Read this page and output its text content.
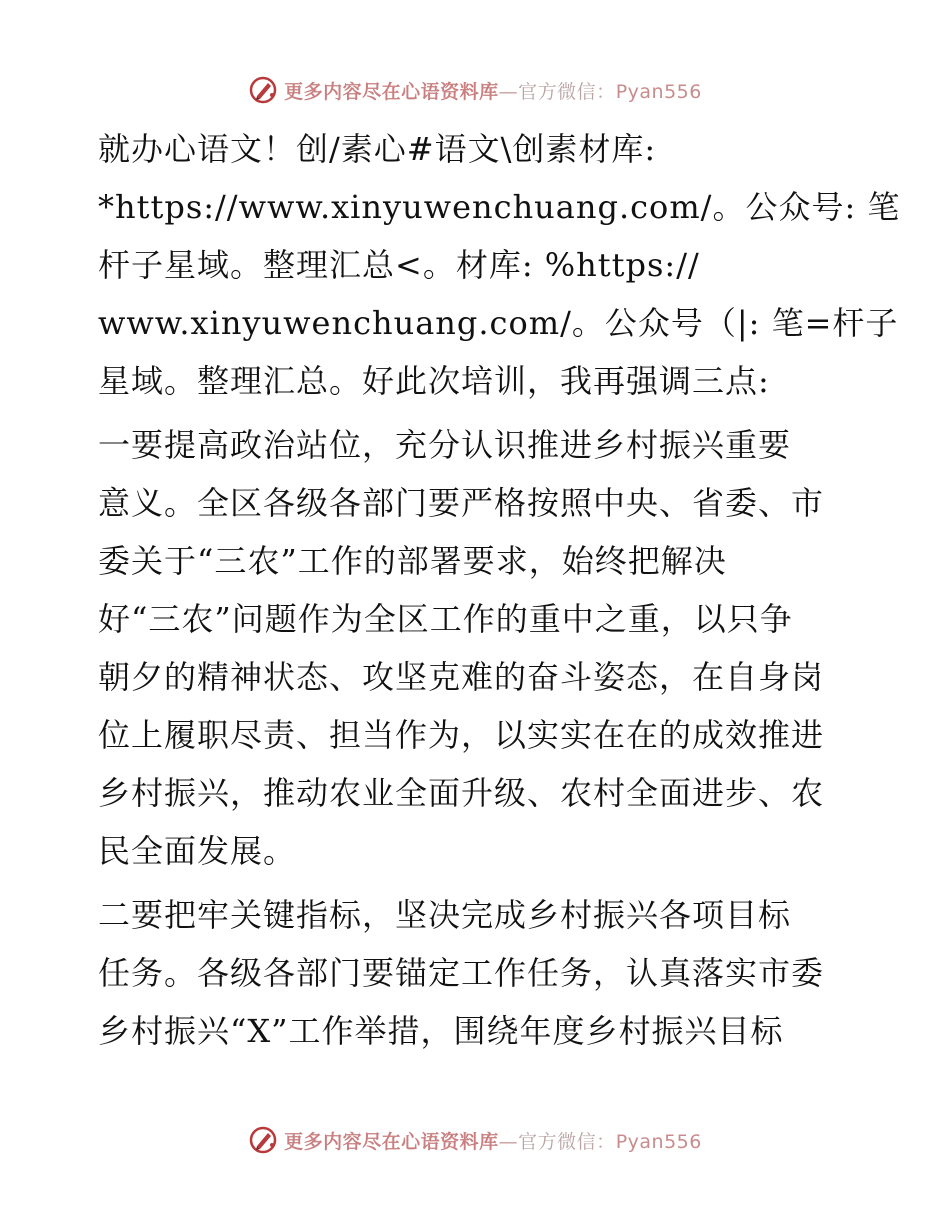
更多内容尽在心语资料库—官方微信：Pyan556

就办心语文！创/素心#语文\创素材库:
*https://www.xinyuwenchuang.com/。公众号: 笔
杆子星域。整理汇总<。材库: %https://
www.xinyuwenchuang.com/。公众号（|: 笔=杆子
星域。整理汇总。好此次培训，我再强调三点:

一要提高政治站位，充分认识推进乡村振兴重要
意义。全区各级各部门要严格按照中央、省委、市
委关于“三农”工作的部署要求，始终把解决
好“三农”问题作为全区工作的重中之重，以只争
朝夕的精神状态、攻坚克难的奋斗姿态，在自身岗
位上履职尽责、担当作为，以实实在在的成效推进
乡村振兴，推动农业全面升级、农村全面进步、农
民全面发展。

二要把牢关键指标，坚决完成乡村振兴各项目标
任务。各级各部门要锚定工作任务，认真落实市委
乡村振兴“X”工作举措，围绕年度乡村振兴目标

更多内容尽在心语资料库—官方微信：Pyan556
